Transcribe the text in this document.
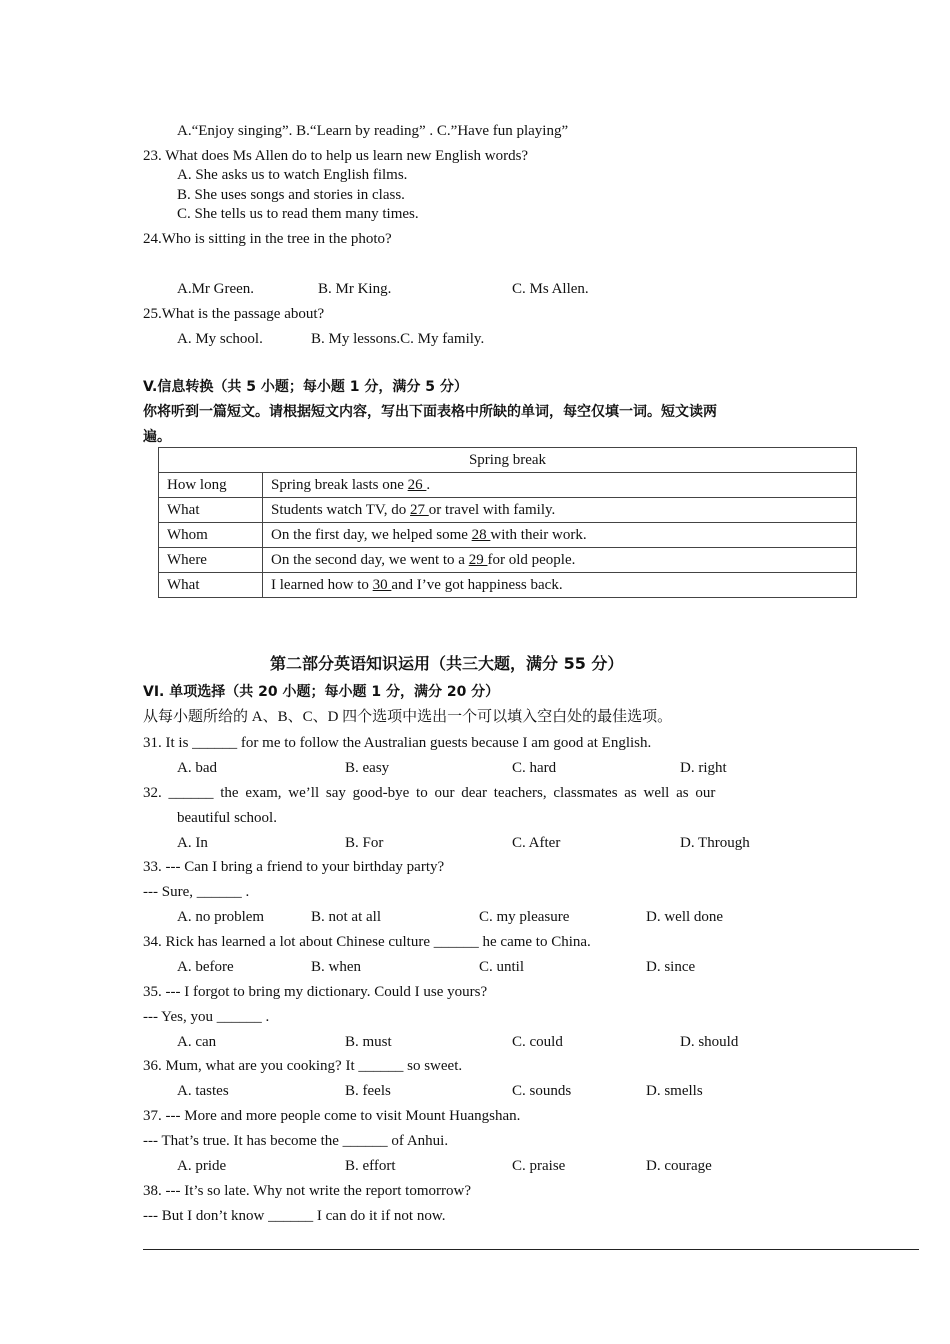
A.“Enjoy singing”. B.“Learn by reading” . C.”Have fun playing”
23. What does Ms Allen do to help us learn new English words?
A. She asks us to watch English films.
B. She uses songs and stories in class.
C. She tells us to read them many times.
24.Who is sitting in the tree in the photo?
A.Mr Green.	B. Mr King.	C. Ms Allen.
25.What is the passage about?
A. My school.	B. My lessons.C. My family.
V.信息转换（共 5 小题；每小题 1 分，满分 5 分）
你将听到一篇短文。请根据短文内容，写出下面表格中所缺的单词，每空仅填一词。短文读两
遍。
Spring break	
How long	Spring break lasts one 26 .
What	Students watch TV, do 27 or travel with family.
Whom	On the first day, we helped some 28 with their work.
Where	On the second day, we went to a 29 for old people.
What	I learned how to 30 and I’ve got happiness back.
第二部分英语知识运用（共三大题，满分 55 分）
VI. 单项选择（共 20 小题；每小题 1 分，满分 20 分）
从每小题所给的 A、B、C、D 四个选项中选出一个可以填入空白处的最佳选项。
31. It is ______ for me to follow the Australian guests because I am good at English.
A. bad	B. easy	C. hard	D. right
32. ______ the exam, we’ll say good-bye to our dear teachers, classmates as well as our
beautiful school.
A. In	B. For	C. After	D. Through
33. --- Can I bring a friend to your birthday party?
--- Sure, ______ .
A. no problem	B. not at all	C. my pleasure	D. well done
34. Rick has learned a lot about Chinese culture ______ he came to China.
A. before	B. when	C. until	D. since
35. --- I forgot to bring my dictionary. Could I use yours?
--- Yes, you ______ .
A. can	B. must	C. could	D. should
36. Mum, what are you cooking? It ______ so sweet.
A. tastes	B. feels	C. sounds	D. smells
37. --- More and more people come to visit Mount Huangshan.
--- That’s true. It has become the ______ of Anhui.
A. pride	B. effort	C. praise	D. courage
38. --- It’s so late. Why not write the report tomorrow?
--- But I don’t know ______ I can do it if not now.
